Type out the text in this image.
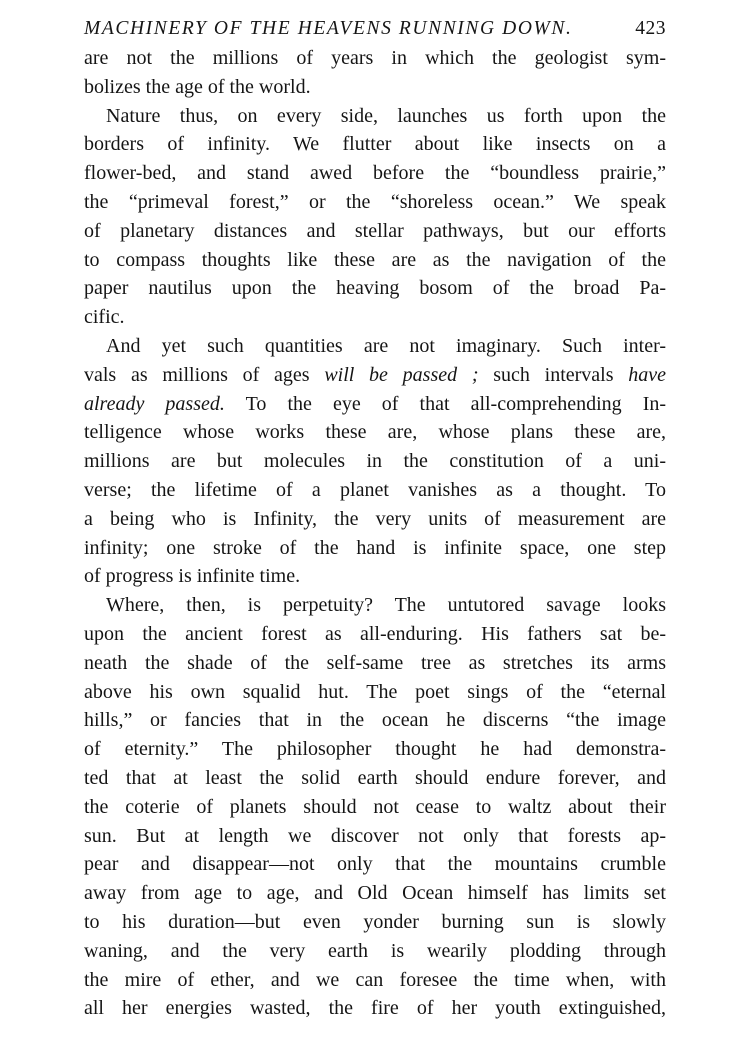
MACHINERY OF THE HEAVENS RUNNING DOWN.	423

are not the millions of years in which the geologist sym-
bolizes the age of the world.

Nature thus, on every side, launches us forth upon the
borders of infinity. We flutter about like insects on a
flower-bed, and stand awed before the “boundless prairie,”
the “primeval forest,” or the “shoreless ocean.” We speak
of planetary distances and stellar pathways, but our efforts
to compass thoughts like these are as the navigation of the
paper nautilus upon the heaving bosom of the broad Pa-
cific.

And yet such quantities are not imaginary. Such inter-
vals as millions of ages will be passed ; such intervals have
already passed. To the eye of that all-comprehending In-
telligence whose works these are, whose plans these are,
millions are but molecules in the constitution of a uni-
verse; the lifetime of a planet vanishes as a thought. To
a being who is Infinity, the very units of measurement are
infinity; one stroke of the hand is infinite space, one step
of progress is infinite time.

Where, then, is perpetuity? The untutored savage looks
upon the ancient forest as all-enduring. His fathers sat be-
neath the shade of the self-same tree as stretches its arms
above his own squalid hut. The poet sings of the “eternal
hills,” or fancies that in the ocean he discerns “the image
of eternity.” The philosopher thought he had demonstra-
ted that at least the solid earth should endure forever, and
the coterie of planets should not cease to waltz about their
sun. But at length we discover not only that forests ap-
pear and disappear—not only that the mountains crumble
away from age to age, and Old Ocean himself has limits set
to his duration—but even yonder burning sun is slowly
waning, and the very earth is wearily plodding through
the mire of ether, and we can foresee the time when, with
all her energies wasted, the fire of her youth extinguished,
